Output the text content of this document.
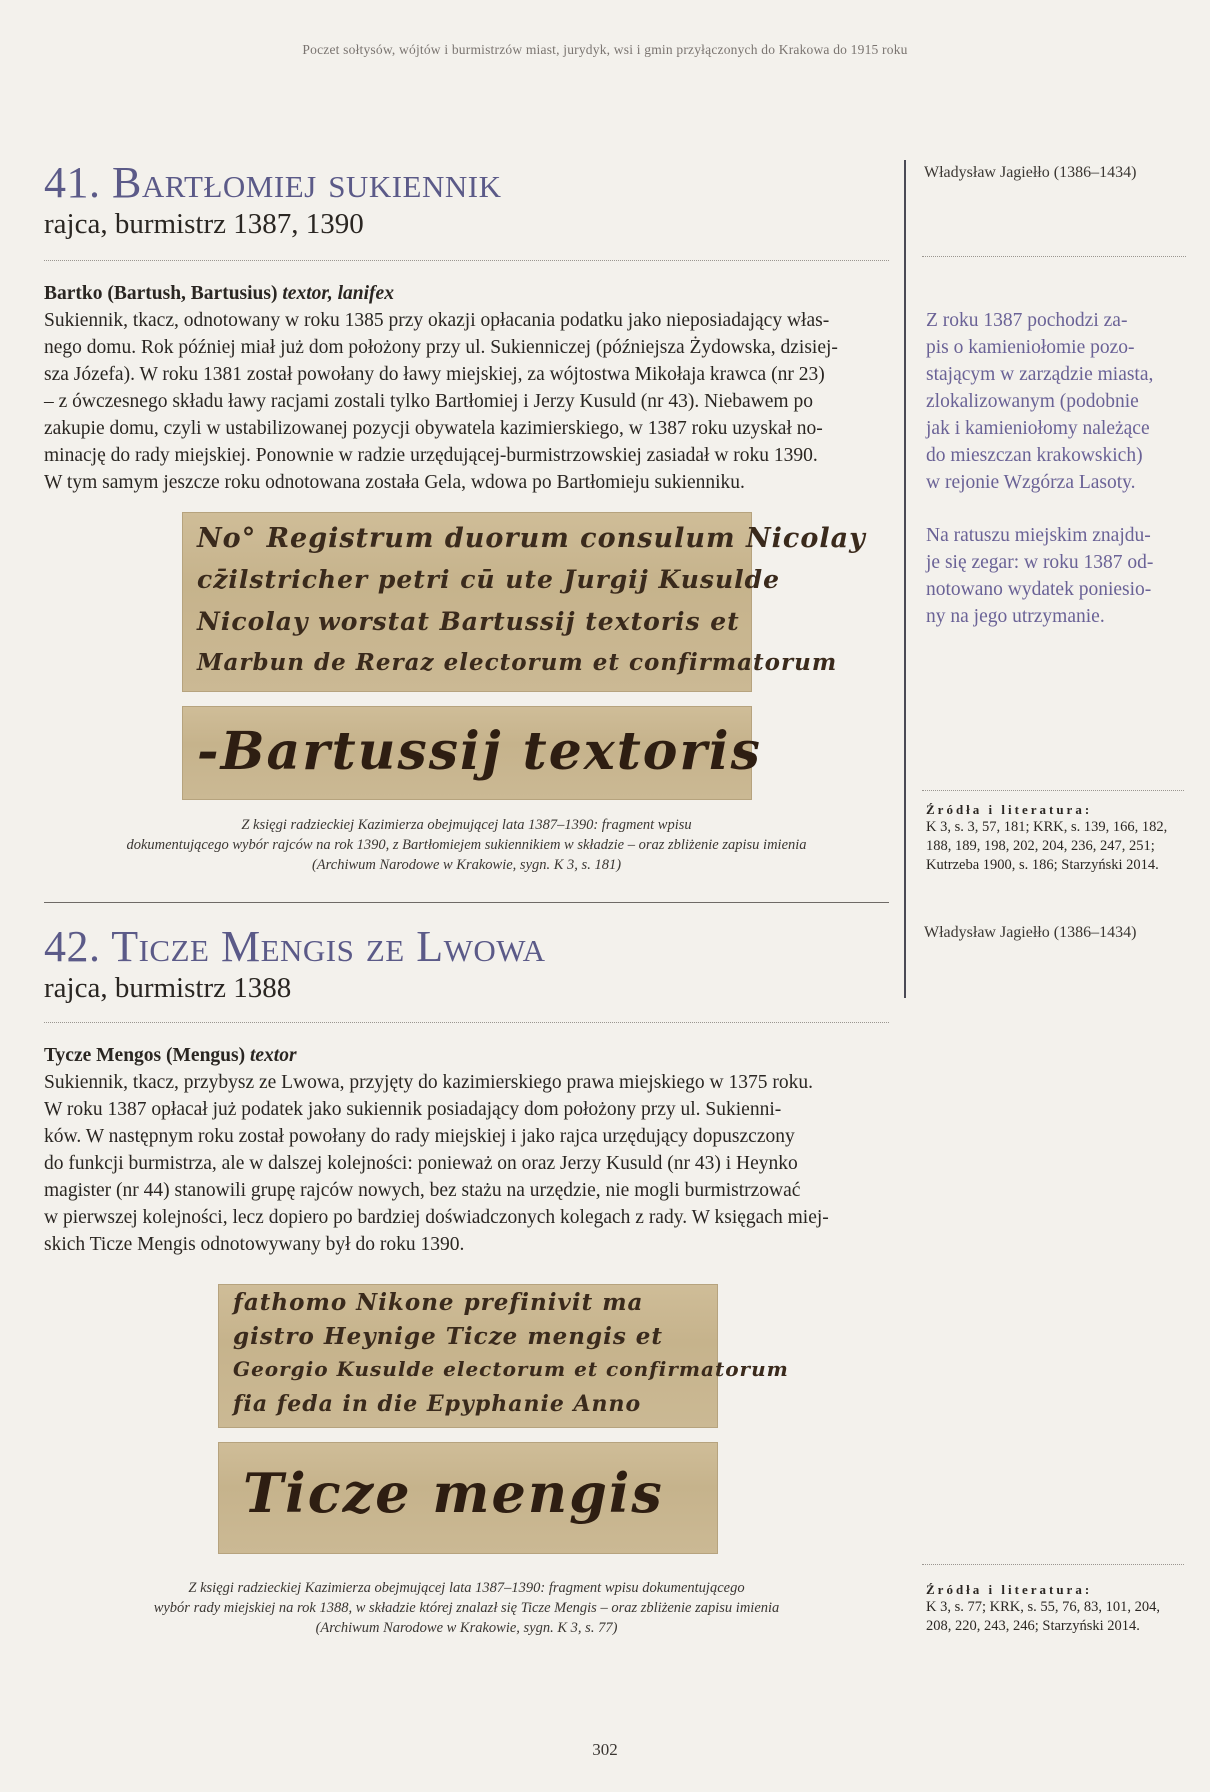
Poczet sołtysów, wójtów i burmistrzów miast, jurydyk, wsi i gmin przyłączonych do Krakowa do 1915 roku
41. Bartłomiej sukiennik

rajca, burmistrz 1387, 1390

Bartko (Bartush, Bartusius) textor, lanifex
Sukiennik, tkacz, odnotowany w roku 1385 przy okazji opłacania podatku jako nieposiadający włas-
nego domu. Rok później miał już dom położony przy ul. Sukienniczej (późniejsza Żydowska, dzisiej-
sza Józefa). W roku 1381 został powołany do ławy miejskiej, za wójtostwa Mikołaja krawca (nr 23)
– z ówczesnego składu ławy racjami zostali tylko Bartłomiej i Jerzy Kusuld (nr 43). Niebawem po
zakupie domu, czyli w ustabilizowanej pozycji obywatela kazimierskiego, w 1387 roku uzyskał no-
minację do rady miejskiej. Ponownie w radzie urzędującej-burmistrzowskiej zasiadał w roku 1390.
W tym samym jeszcze roku odnotowana została Gela, wdowa po Bartłomieju sukienniku.
No° Registrum duorum consulum Nicolay
cz̄ilstricher petri cū ute Jurgij Kusulde
Nicolay worstat Bartussij textoris et
Marbun de Reraz electorum et confirmatorum
-Bartussij textoris
Z księgi radzieckiej Kazimierza obejmującej lata 1387–1390: fragment wpisu
dokumentującego wybór rajców na rok 1390, z Bartłomiejem sukiennikiem w składzie – oraz zbliżenie zapisu imienia
(Archiwum Narodowe w Krakowie, sygn. K 3, s. 181)
Władysław Jagiełło (1386–1434)
Z roku 1387 pochodzi za-
pis o kamieniołomie pozo-
stającym w zarządzie miasta,
zlokalizowanym (podobnie
jak i kamieniołomy należące
do mieszczan krakowskich)
w rejonie Wzgórza Lasoty.
Na ratuszu miejskim znajdu-
je się zegar: w roku 1387 od-
notowano wydatek poniesio-
ny na jego utrzymanie.
Źródła i literatura:
K 3, s. 3, 57, 181; KRK, s. 139, 166, 182,
188, 189, 198, 202, 204, 236, 247, 251;
Kutrzeba 1900, s. 186; Starzyński 2014.
42. Ticze Mengis ze Lwowa

rajca, burmistrz 1388

Tycze Mengos (Mengus) textor
Sukiennik, tkacz, przybysz ze Lwowa, przyjęty do kazimierskiego prawa miejskiego w 1375 roku.
W roku 1387 opłacał już podatek jako sukiennik posiadający dom położony przy ul. Sukienni-
ków. W następnym roku został powołany do rady miejskiej i jako rajca urzędujący dopuszczony
do funkcji burmistrza, ale w dalszej kolejności: ponieważ on oraz Jerzy Kusuld (nr 43) i Heynko
magister (nr 44) stanowili grupę rajców nowych, bez stażu na urzędzie, nie mogli burmistrzować
w pierwszej kolejności, lecz dopiero po bardziej doświadczonych kolegach z rady. W księgach miej-
skich Ticze Mengis odnotowywany był do roku 1390.
fathomo Nikone prefinivit ma
gistro Heynige Ticze mengis et
Georgio Kusulde electorum et confirmatorum
fia feda in die Epyphanie Anno
Ticze mengis
Z księgi radzieckiej Kazimierza obejmującej lata 1387–1390: fragment wpisu dokumentującego
wybór rady miejskiej na rok 1388, w składzie której znalazł się Ticze Mengis – oraz zbliżenie zapisu imienia
(Archiwum Narodowe w Krakowie, sygn. K 3, s. 77)
Władysław Jagiełło (1386–1434)
Źródła i literatura:
K 3, s. 77; KRK, s. 55, 76, 83, 101, 204,
208, 220, 243, 246; Starzyński 2014.
302
